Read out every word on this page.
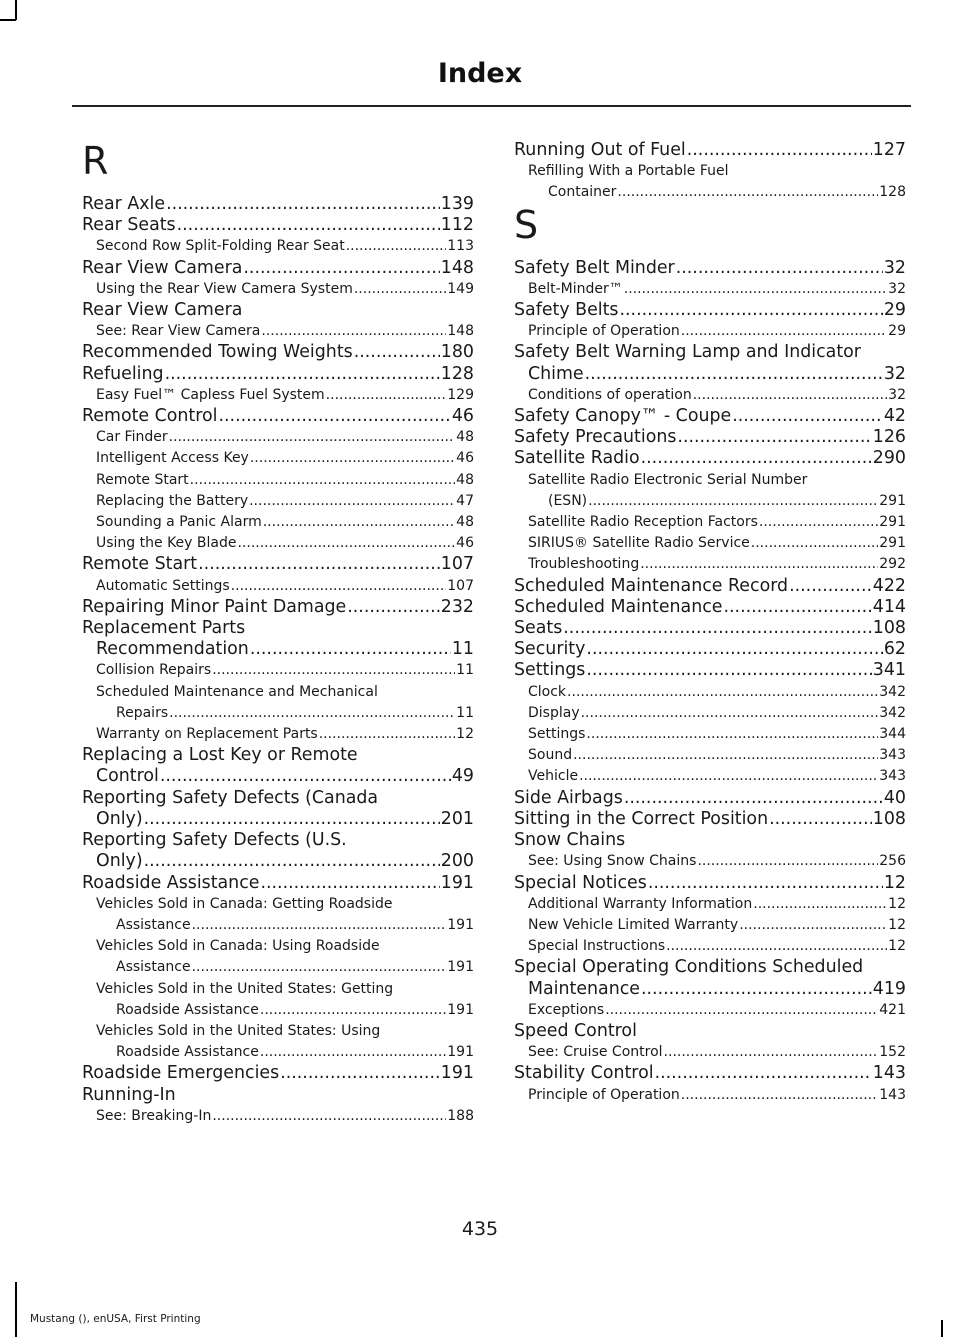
Index
R
Rear Axle .....	139
Rear Seats .....	112
Second Row Split-Folding Rear Seat .....	113
Rear View Camera .....	148
Using the Rear View Camera System .....	149
Rear View Camera
See: Rear View Camera .....	148
Recommended Towing Weights .....	180
Refueling .....	128
Easy Fuel™ Capless Fuel System .....	129
Remote Control .....	46
Car Finder .....	48
Intelligent Access Key .....	46
Remote Start .....	48
Replacing the Battery .....	47
Sounding a Panic Alarm .....	48
Using the Key Blade .....	46
Remote Start .....	107
Automatic Settings .....	107
Repairing Minor Paint Damage .....	232
Replacement Parts
Recommendation .....	11
Collision Repairs .....	11
Scheduled Maintenance and Mechanical
Repairs .....	11
Warranty on Replacement Parts .....	12
Replacing a Lost Key or Remote
Control .....	49
Reporting Safety Defects (Canada
Only) .....	201
Reporting Safety Defects (U.S.
Only) .....	200
Roadside Assistance .....	191
Vehicles Sold in Canada: Getting Roadside
Assistance .....	191
Vehicles Sold in Canada: Using Roadside
Assistance .....	191
Vehicles Sold in the United States: Getting
Roadside Assistance .....	191
Vehicles Sold in the United States: Using
Roadside Assistance .....	191
Roadside Emergencies .....	191
Running-In
See: Breaking-In .....	188
Running Out of Fuel .....	127
Refilling With a Portable Fuel
Container .....	128
S
Safety Belt Minder .....	32
Belt-Minder™ .....	32
Safety Belts .....	29
Principle of Operation .....	29
Safety Belt Warning Lamp and Indicator
Chime .....	32
Conditions of operation .....	32
Safety Canopy™ - Coupe .....	42
Safety Precautions .....	126
Satellite Radio .....	290
Satellite Radio Electronic Serial Number
(ESN) .....	291
Satellite Radio Reception Factors .....	291
SIRIUS® Satellite Radio Service .....	291
Troubleshooting .....	292
Scheduled Maintenance Record .....	422
Scheduled Maintenance .....	414
Seats .....	108
Security .....	62
Settings .....	341
Clock .....	342
Display .....	342
Settings .....	344
Sound .....	343
Vehicle .....	343
Side Airbags .....	40
Sitting in the Correct Position .....	108
Snow Chains
See: Using Snow Chains .....	256
Special Notices .....	12
Additional Warranty Information .....	12
New Vehicle Limited Warranty .....	12
Special Instructions .....	12
Special Operating Conditions Scheduled
Maintenance .....	419
Exceptions .....	421
Speed Control
See: Cruise Control .....	152
Stability Control .....	143
Principle of Operation .....	143
435
Mustang (), enUSA, First Printing
